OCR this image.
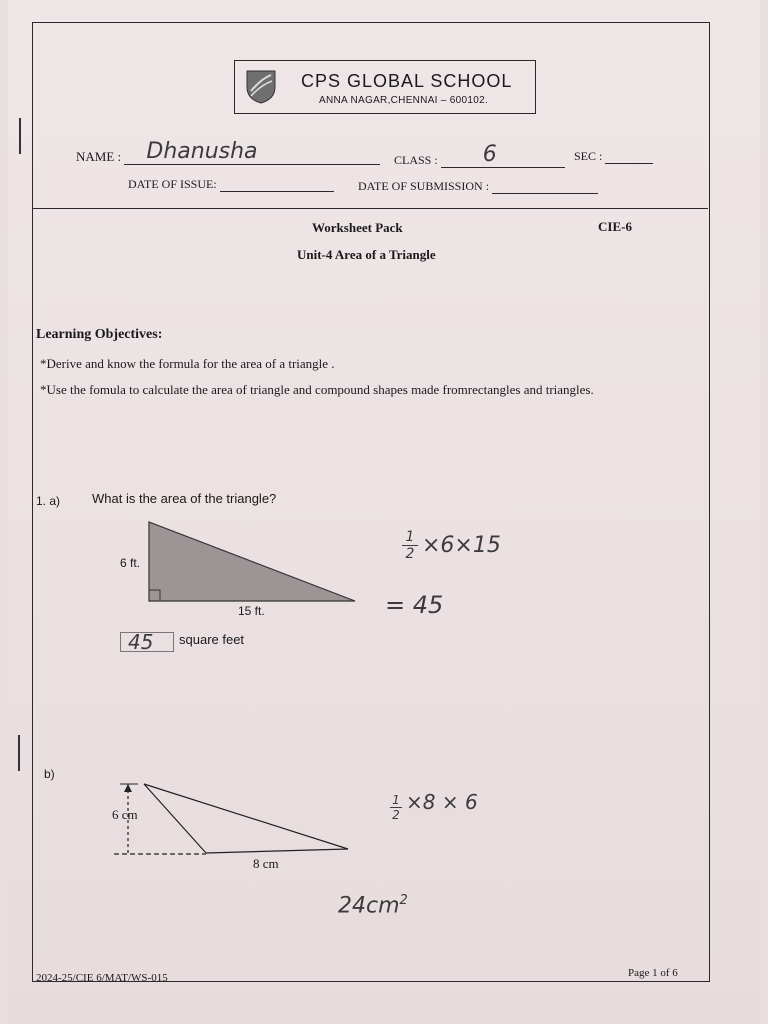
CPS GLOBAL SCHOOL
ANNA NAGAR,CHENNAI – 600102.
NAME : Dhanusha	CLASS : 6	SEC :
DATE OF ISSUE:	DATE OF SUBMISSION :
Worksheet Pack	CIE-6
Unit-4 Area of a Triangle
Learning Objectives:
*Derive and know the formula for the area of a triangle .
*Use the fomula to calculate the area of triangle and compound shapes made fromrectangles and triangles.
1. a) What is the area of the triangle?
6 ft.
15 ft.
45 square feet
1
2 ×6×15
= 45
b)
6 cm
8 cm
1
2
×8 × 6
$24cm^2$
2024-25/CIE 6/MAT/WS-015	Page 1 of 6
